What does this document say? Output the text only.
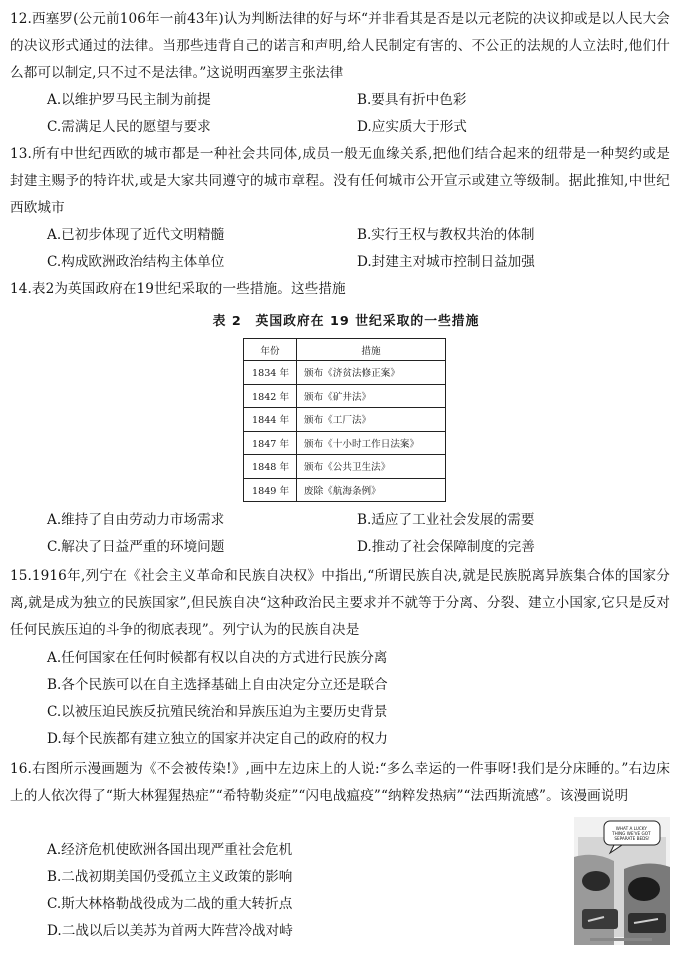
12.西塞罗(公元前106年一前43年)认为判断法律的好与坏“并非看其是否是以元老院的决议抑或是以人民大会的决议形式通过的法律。当那些违背自己的诺言和声明,给人民制定有害的、不公正的法规的人立法时,他们什么都可以制定,只不过不是法律。”这说明西塞罗主张法律
A.以维护罗马民主制为前提	B.要具有折中色彩
C.需满足人民的愿望与要求	D.应实质大于形式
13.所有中世纪西欧的城市都是一种社会共同体,成员一般无血缘关系,把他们结合起来的纽带是一种契约或是封建主赐予的特许状,或是大家共同遵守的城市章程。没有任何城市公开宣示或建立等级制。据此推知,中世纪西欧城市
A.已初步体现了近代文明精髓	B.实行王权与教权共治的体制
C.构成欧洲政治结构主体单位	D.封建主对城市控制日益加强
14.表2为英国政府在19世纪采取的一些措施。这些措施
表 2　英国政府在 19 世纪采取的一些措施
年份	措施
1834 年	颁布《济贫法修正案》
1842 年	颁布《矿井法》
1844 年	颁布《工厂法》
1847 年	颁布《十小时工作日法案》
1848 年	颁布《公共卫生法》
1849 年	废除《航海条例》
A.维持了自由劳动力市场需求	B.适应了工业社会发展的需要
C.解决了日益严重的环境问题	D.推动了社会保障制度的完善
15.1916年,列宁在《社会主义革命和民族自决权》中指出,“所谓民族自决,就是民族脱离异族集合体的国家分离,就是成为独立的民族国家”,但民族自决“这种政治民主要求并不就等于分离、分裂、建立小国家,它只是反对任何民族压迫的斗争的彻底表现”。列宁认为的民族自决是
A.任何国家在任何时候都有权以自决的方式进行民族分离
B.各个民族可以在自主选择基础上自由决定分立还是联合
C.以被压迫民族反抗殖民统治和异族压迫为主要历史背景
D.每个民族都有建立独立的国家并决定自己的政府的权力
16.右图所示漫画题为《不会被传染!》,画中左边床上的人说:“多么幸运的一件事呀!我们是分床睡的。”右边床上的人依次得了“斯大林猩猩热症”“希特勒炎症”“闪电战瘟疫”“纳粹发热病”“法西斯流感”。该漫画说明
A.经济危机使欧洲各国出现严重社会危机
B.二战初期美国仍受孤立主义政策的影响
C.斯大林格勒战役成为二战的重大转折点
D.二战以后以美苏为首两大阵营冷战对峙
WHAT A LUCKY THING WE'VE GOT SEPARATE BEDS!
